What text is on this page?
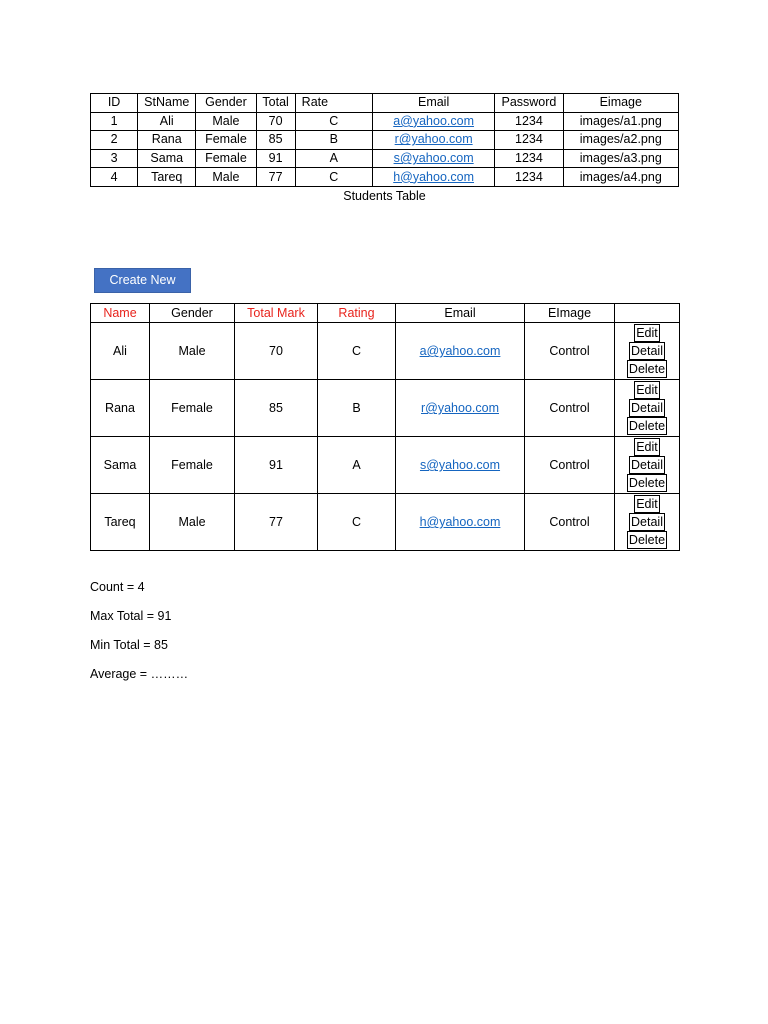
ID	StName	Gender	Total	Rate	Email	Password	Eimage
1	Ali	Male	70	C	a@yahoo.com	1234	images/a1.png
2	Rana	Female	85	B	r@yahoo.com	1234	images/a2.png
3	Sama	Female	91	A	s@yahoo.com	1234	images/a3.png
4	Tareq	Male	77	C	h@yahoo.com	1234	images/a4.png
Students Table
Create New
Name	Gender	Total Mark	Rating	Email	EImage	
Ali	Male	70	C	a@yahoo.com	Control	Edit
Detail
Delete

Rana	Female	85	B	r@yahoo.com	Control	Edit
Detail
Delete

Sama	Female	91	A	s@yahoo.com	Control	Edit
Detail
Delete

Tareq	Male	77	C	h@yahoo.com	Control	Edit
Detail
Delete
Count = 4
Max Total = 91
Min Total = 85
Average = ………
